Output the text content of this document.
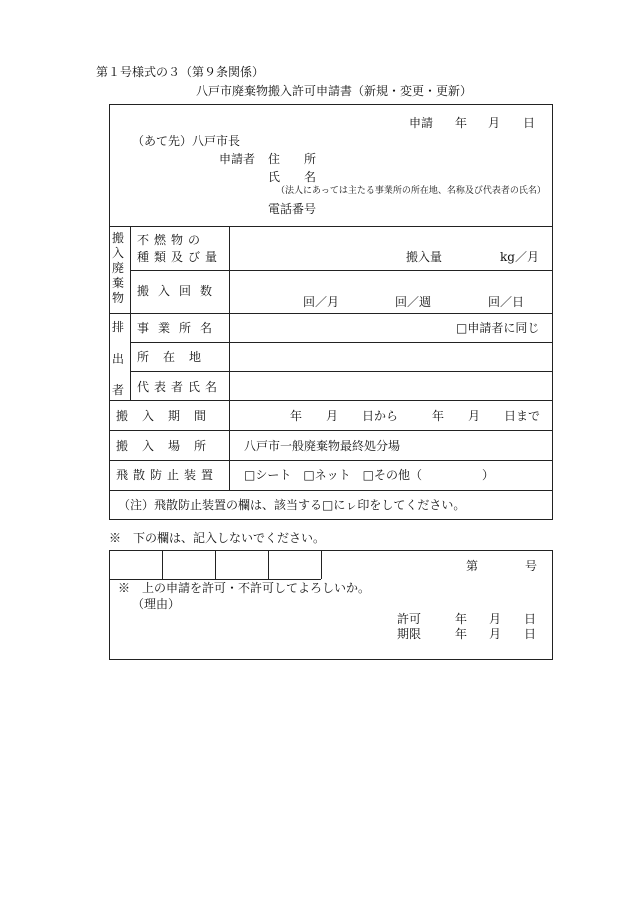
第１号様式の３（第９条関係）
八戸市廃棄物搬入許可申請書（新規・変更・更新）
申請 年 月 日
（あて先）八戸市長
申請者 住　　所
氏　　名
（法人にあっては主たる事業所の所在地、名称及び代表者の氏名）
電話番号
搬
入
廃
棄
物
不燃物の
種類及び量	搬入量	kg／月
搬入回数
回／月	回／週	回／日
排
出
者
事業所名	□申請者に同じ
所在地
代表者氏名
搬入期間	年　　月　　日から	年　　月　　日まで
搬入場所 八戸市一般廃棄物最終処分場
飛散防止装置 □シート　□ネット　□その他（　　　　　）
（注）飛散防止装置の欄は、該当する□にㇾ印をしてください。
※　下の欄は、記入しないでください。
第	号
※　上の申請を許可・不許可してよろしいか。
（理由）
許可	年 月 日
期限	年 月 日
